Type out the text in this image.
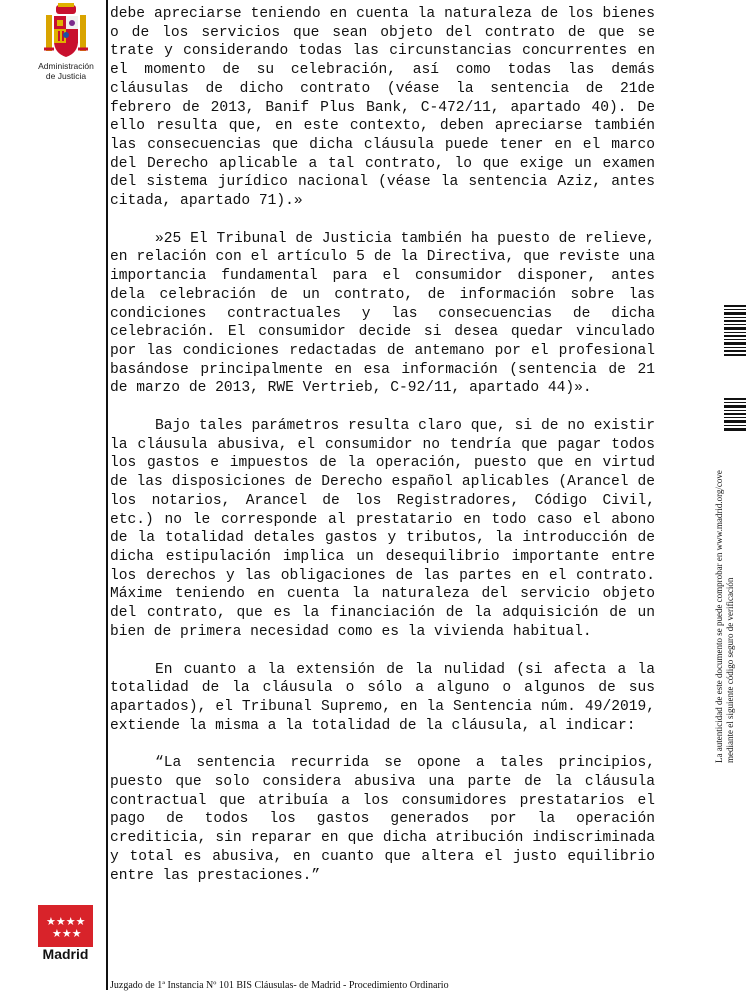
Administración
de Justicia

debe apreciarse teniendo en cuenta la naturaleza de los bienes o de los servicios que sean objeto del contrato de que se trate y considerando todas las circunstancias concurrentes en el momento de su celebración, así como todas las demás cláusulas de dicho contrato (véase la sentencia de 21de febrero de 2013, Banif Plus Bank, C-472/11, apartado 40). De ello resulta que, en este contexto, deben apreciarse también las consecuencias que dicha cláusula puede tener en el marco del Derecho aplicable a tal contrato, lo que exige un examen del sistema jurídico nacional (véase la sentencia Aziz, antes citada, apartado 71).»

»25 El Tribunal de Justicia también ha puesto de relieve, en relación con el artículo 5 de la Directiva, que reviste una importancia fundamental para el consumidor disponer, antes dela celebración de un contrato, de información sobre las condiciones contractuales y las consecuencias de dicha celebración. El consumidor decide si desea quedar vinculado por las condiciones redactadas de antemano por el profesional basándose principalmente en esa información (sentencia de 21 de marzo de 2013, RWE Vertrieb, C-92/11, apartado 44)».

Bajo tales parámetros resulta claro que, si de no existir la cláusula abusiva, el consumidor no tendría que pagar todos los gastos e impuestos de la operación, puesto que en virtud de las disposiciones de Derecho español aplicables (Arancel de los notarios, Arancel de los Registradores, Código Civil, etc.) no le corresponde al prestatario en todo caso el abono de la totalidad detales gastos y tributos, la introducción de dicha estipulación implica un desequilibrio importante entre los derechos y las obligaciones de las partes en el contrato. Máxime teniendo en cuenta la naturaleza del servicio objeto del contrato, que es la financiación de la adquisición de un bien de primera necesidad como es la vivienda habitual.

En cuanto a la extensión de la nulidad (si afecta a la totalidad de la cláusula o sólo a alguno o algunos de sus apartados), el Tribunal Supremo, en la Sentencia núm. 49/2019, extiende la misma a la totalidad de la cláusula, al indicar:

“La sentencia recurrida se opone a tales principios, puesto que solo considera abusiva una parte de la cláusula contractual que atribuía a los consumidores prestatarios el pago de todos los gastos generados por la operación crediticia, sin reparar en que dicha atribución indiscriminada y total es abusiva, en cuanto que altera el justo equilibrio entre las prestaciones.”

★★★★
★★★
Madrid
Juzgado de 1ª Instancia Nº 101 BIS Cláusulas- de Madrid - Procedimiento Ordinario
La autenticidad de este documento se puede comprobar en www.madrid.org/cove mediante el siguiente código seguro de verificación
